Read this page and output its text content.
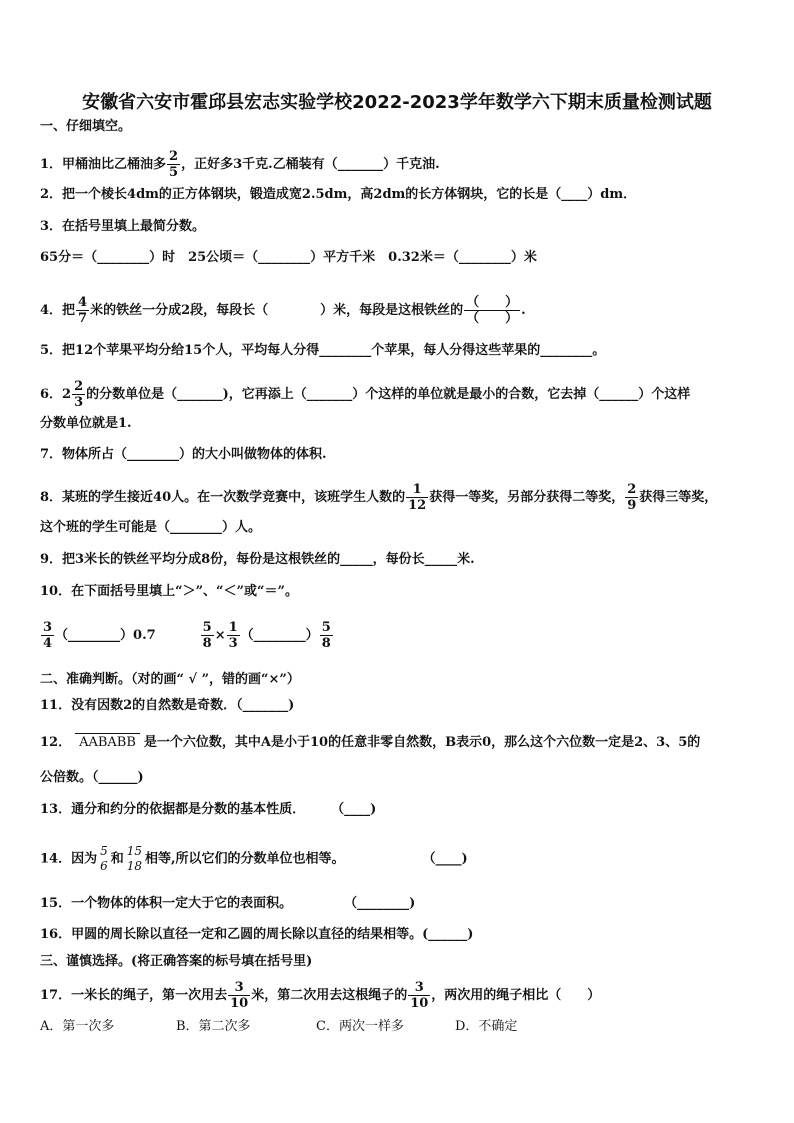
安徽省六安市霍邱县宏志实验学校2022-2023学年数学六下期末质量检测试题
一、仔细填空。
1．甲桶油比乙桶油多 $\frac{2}{5}$ ，正好多3千克.乙桶装有（_______）千克油.
2．把一个棱长4dm的正方体钢块，锻造成宽2.5dm，高2dm的长方体钢块，它的长是（____）dm．
3．在括号里填上最简分数。
65分＝（________）时　25公顷＝（________）平方千米　0.32米＝（________）米
4．把 $\frac{4}{7}$ 米的铁丝一分成2段，每段长（　　　　）米，每段是这根铁丝的 $\frac{( )}{( )}$ .
5．把12个苹果平均分给15个人，平均每人分得________个苹果，每人分得这些苹果的________。
6．$2 \frac{2}{3}$ 的分数单位是（_______)，它再添上（_______）个这样的单位就是最小的合数，它去掉（______）个这样
分数单位就是1.
7．物体所占（________）的大小叫做物体的体积.
8．某班的学生接近40人。在一次数学竞赛中，该班学生人数的 $\frac{1}{12}$ 获得一等奖，另部分获得二等奖， $\frac{2}{9}$ 获得三等奖，
这个班的学生可能是（________）人。
9．把3米长的铁丝平均分成8份，每份是这根铁丝的_____，每份长_____米.
10．在下面括号里填上“＞”、“＜”或“＝”。
$\frac{3}{4}$ （________）0.7	$\frac{5}{8} \times \frac{1}{3}$ （________） $\frac{5}{8}$
二、准确判断。（对的画“ √ ”，错的画“×”）
11．没有因数2的自然数是奇数．（_______)
12． AABABB 是一个六位数，其中A是小于10的任意非零自然数，B表示0，那么这个六位数一定是2、3、5的
公倍数。（______)
13．通分和约分的依据都是分数的基本性质．　　　（____)
14．因为
5
6 和
15
18 相等,所以它们的分数单位也相等。　　　　　　　（____)
15．一个物体的体积一定大于它的表面积。　　　　　（________)
16．甲圆的周长除以直径一定和乙圆的周长除以直径的结果相等。(______)
三、谨慎选择。(将正确答案的标号填在括号里)
17．一米长的绳子，第一次用去 $\frac{3}{10}$ 米，第二次用去这根绳子的 $\frac{3}{10}$ ，两次用的绳子相比（　　）
A．第一次多	B．第二次多	C．两次一样多	D．不确定
